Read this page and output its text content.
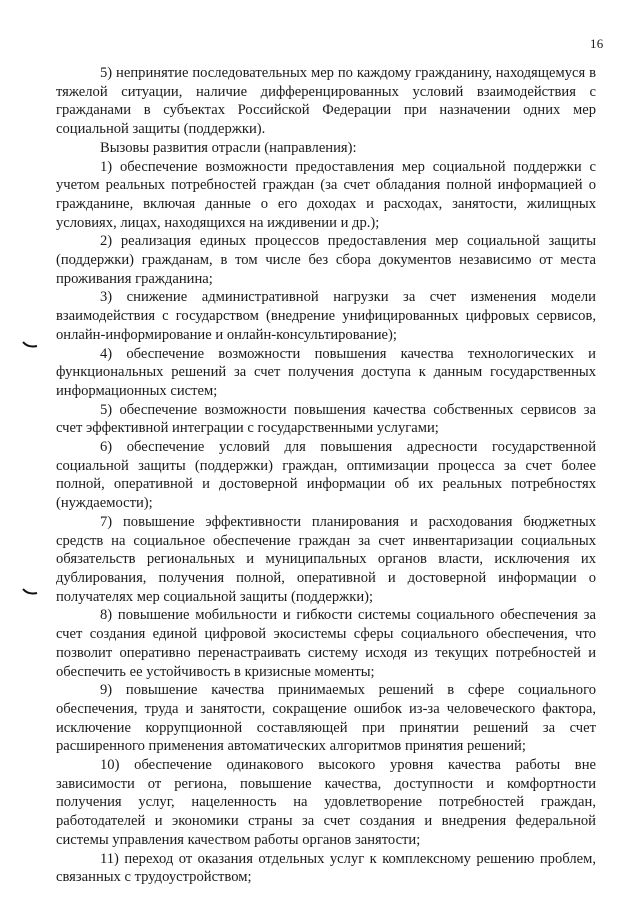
16

5) непринятие последовательных мер по каждому гражданину, находящемуся в тяжелой ситуации, наличие дифференцированных условий взаимодействия с гражданами в субъектах Российской Федерации при назначении одних мер социальной защиты (поддержки).

Вызовы развития отрасли (направления):

1) обеспечение возможности предоставления мер социальной поддержки с учетом реальных потребностей граждан (за счет обладания полной информацией о гражданине, включая данные о его доходах и расходах, занятости, жилищных условиях, лицах, находящихся на иждивении и др.);

2) реализация единых процессов предоставления мер социальной защиты (поддержки) гражданам, в том числе без сбора документов независимо от места проживания гражданина;

3) снижение административной нагрузки за счет изменения модели взаимодействия с государством (внедрение унифицированных цифровых сервисов, онлайн-информирование и онлайн-консультирование);

4) обеспечение возможности повышения качества технологических и функциональных решений за счет получения доступа к данным государственных информационных систем;

5) обеспечение возможности повышения качества собственных сервисов за счет эффективной интеграции с государственными услугами;

6) обеспечение условий для повышения адресности государственной социальной защиты (поддержки) граждан, оптимизации процесса за счет более полной, оперативной и достоверной информации об их реальных потребностях (нуждаемости);

7) повышение эффективности планирования и расходования бюджетных средств на социальное обеспечение граждан за счет инвентаризации социальных обязательств региональных и муниципальных органов власти, исключения их дублирования, получения полной, оперативной и достоверной информации о получателях мер социальной защиты (поддержки);

8) повышение мобильности и гибкости системы социального обеспечения за счет создания единой цифровой экосистемы сферы социального обеспечения, что позволит оперативно перенастраивать систему исходя из текущих потребностей и обеспечить ее устойчивость в кризисные моменты;

9) повышение качества принимаемых решений в сфере социального обеспечения, труда и занятости, сокращение ошибок из-за человеческого фактора, исключение коррупционной составляющей при принятии решений за счет расширенного применения автоматических алгоритмов принятия решений;

10) обеспечение одинакового высокого уровня качества работы вне зависимости от региона, повышение качества, доступности и комфортности получения услуг, нацеленность на удовлетворение потребностей граждан, работодателей и экономики страны за счет создания и внедрения федеральной системы управления качеством работы органов занятости;

11) переход от оказания отдельных услуг к комплексному решению проблем, связанных с трудоустройством;
